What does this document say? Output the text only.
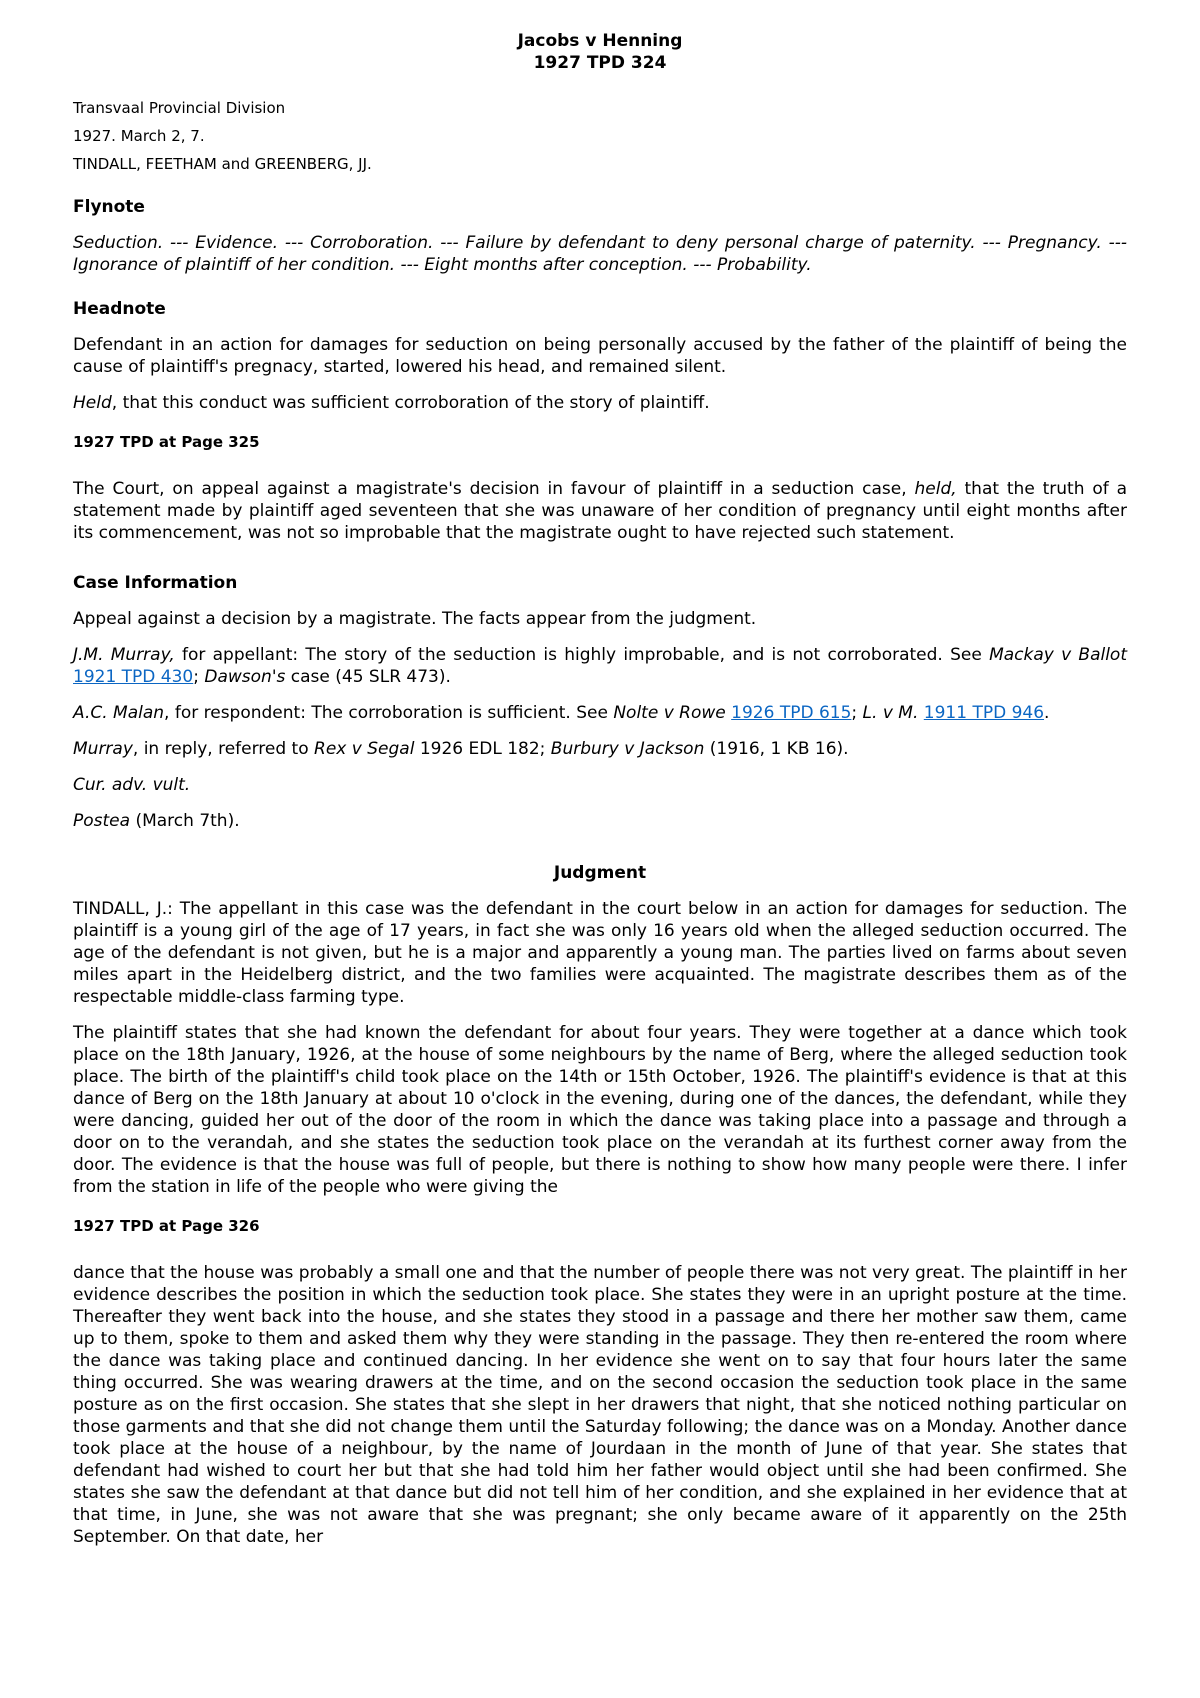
Jacobs v Henning
1927 TPD 324

Transvaal Provincial Division

1927. March 2, 7.

TINDALL, FEETHAM and GREENBERG, JJ.

Flynote

Seduction. --- Evidence. --- Corroboration. --- Failure by defendant to deny personal charge of paternity. --- Pregnancy. --- Ignorance of plaintiff of her condition. --- Eight months after conception. --- Probability.

Headnote

Defendant in an action for damages for seduction on being personally accused by the father of the plaintiff of being the cause of plaintiff's pregnacy, started, lowered his head, and remained silent.

Held, that this conduct was sufficient corroboration of the story of plaintiff.

1927 TPD at Page 325

The Court, on appeal against a magistrate's decision in favour of plaintiff in a seduction case, held, that the truth of a statement made by plaintiff aged seventeen that she was unaware of her condition of pregnancy until eight months after its commencement, was not so improbable that the magistrate ought to have rejected such statement.

Case Information

Appeal against a decision by a magistrate. The facts appear from the judgment.

J.M. Murray, for appellant: The story of the seduction is highly improbable, and is not corroborated. See Mackay v Ballot 1921 TPD 430; Dawson's case (45 SLR 473).

A.C. Malan, for respondent: The corroboration is sufficient. See Nolte v Rowe 1926 TPD 615; L. v M. 1911 TPD 946.

Murray, in reply, referred to Rex v Segal 1926 EDL 182; Burbury v Jackson (1916, 1 KB 16).

Cur. adv. vult.

Postea (March 7th).

Judgment

TINDALL, J.: The appellant in this case was the defendant in the court below in an action for damages for seduction. The plaintiff is a young girl of the age of 17 years, in fact she was only 16 years old when the alleged seduction occurred. The age of the defendant is not given, but he is a major and apparently a young man. The parties lived on farms about seven miles apart in the Heidelberg district, and the two families were acquainted. The magistrate describes them as of the respectable middle-class farming type.

The plaintiff states that she had known the defendant for about four years. They were together at a dance which took place on the 18th January, 1926, at the house of some neighbours by the name of Berg, where the alleged seduction took place. The birth of the plaintiff's child took place on the 14th or 15th October, 1926. The plaintiff's evidence is that at this dance of Berg on the 18th January at about 10 o'clock in the evening, during one of the dances, the defendant, while they were dancing, guided her out of the door of the room in which the dance was taking place into a passage and through a door on to the verandah, and she states the seduction took place on the verandah at its furthest corner away from the door. The evidence is that the house was full of people, but there is nothing to show how many people were there. I infer from the station in life of the people who were giving the

1927 TPD at Page 326

dance that the house was probably a small one and that the number of people there was not very great. The plaintiff in her evidence describes the position in which the seduction took place. She states they were in an upright posture at the time. Thereafter they went back into the house, and she states they stood in a passage and there her mother saw them, came up to them, spoke to them and asked them why they were standing in the passage. They then re-entered the room where the dance was taking place and continued dancing. In her evidence she went on to say that four hours later the same thing occurred. She was wearing drawers at the time, and on the second occasion the seduction took place in the same posture as on the first occasion. She states that she slept in her drawers that night, that she noticed nothing particular on those garments and that she did not change them until the Saturday following; the dance was on a Monday. Another dance took place at the house of a neighbour, by the name of Jourdaan in the month of June of that year. She states that defendant had wished to court her but that she had told him her father would object until she had been confirmed. She states she saw the defendant at that dance but did not tell him of her condition, and she explained in her evidence that at that time, in June, she was not aware that she was pregnant; she only became aware of it apparently on the 25th September. On that date, her
